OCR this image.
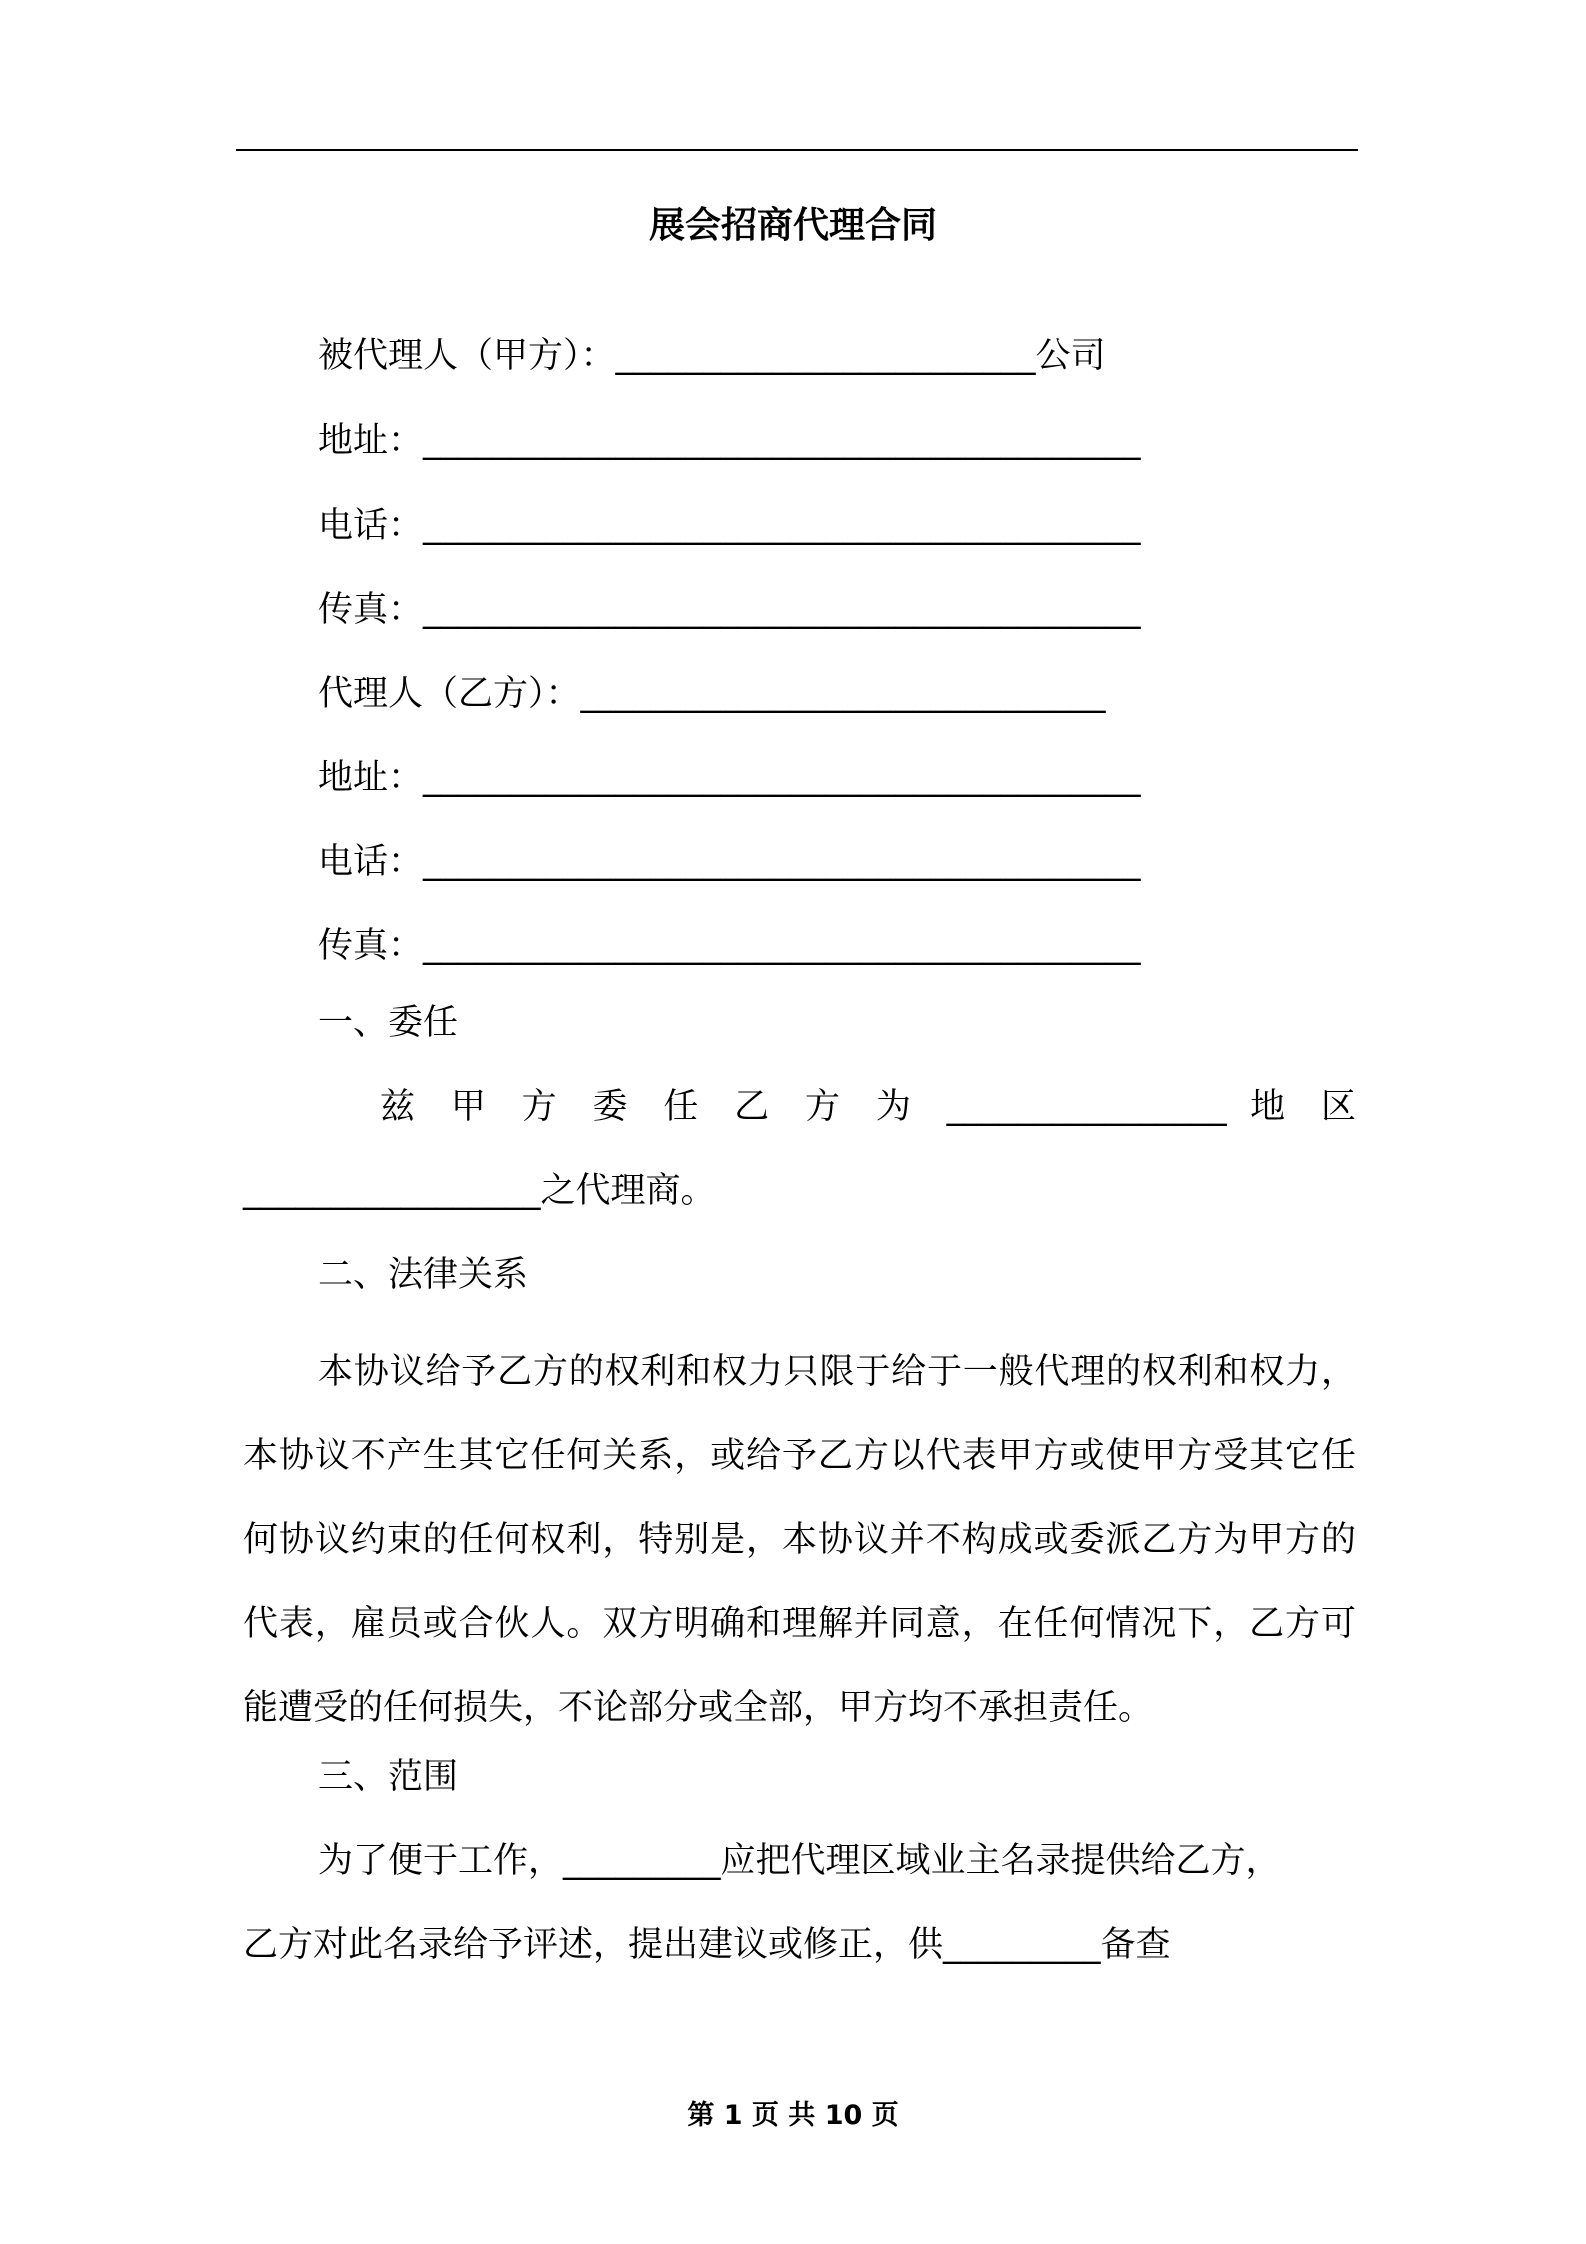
展会招商代理合同
被代理人（甲方）：________________________公司
地址：_________________________________________
电话：_________________________________________
传真：_________________________________________
代理人（乙方）：______________________________
地址：_________________________________________
电话：_________________________________________
传真：_________________________________________
一、委任
兹 甲 方 委 任 乙 方 为 ________________ 地 区
_________________之代理商。
二、法律关系
本协议给予乙方的权利和权力只限于给于一般代理的权利和权力，本协议不产生其它任何关系，或给予乙方以代表甲方或使甲方受其它任何协议约束的任何权利，特别是，本协议并不构成或委派乙方为甲方的代表，雇员或合伙人。双方明确和理解并同意，在任何情况下，乙方可能遭受的任何损失，不论部分或全部，甲方均不承担责任。
三、范围
为了便于工作，_________应把代理区域业主名录提供给乙方，
乙方对此名录给予评述，提出建议或修正，供_________备查
第 1 页 共 10 页
